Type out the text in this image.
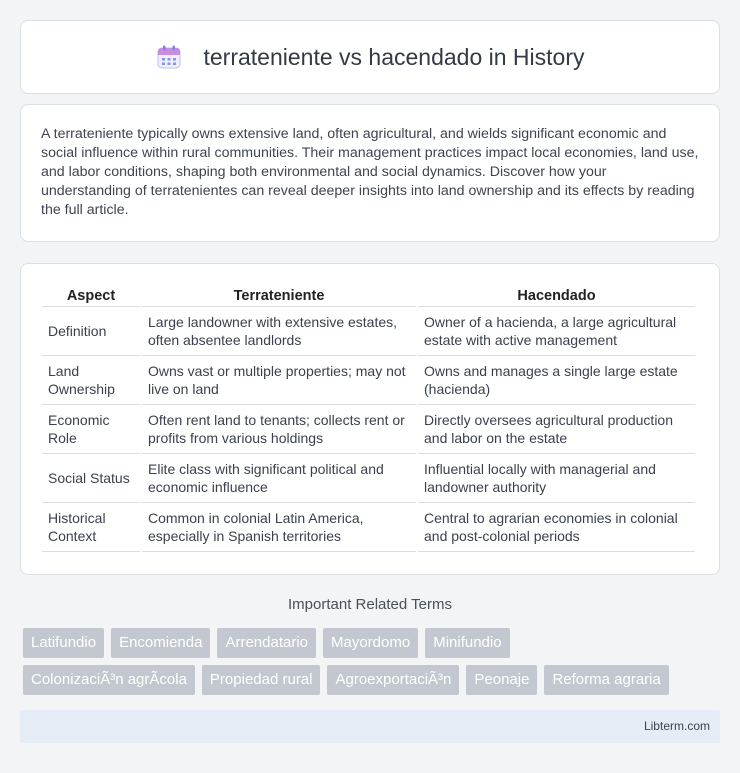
terrateniente vs hacendado in History

A terrateniente typically owns extensive land, often agricultural, and wields significant economic and social influence within rural communities. Their management practices impact local economies, land use, and labor conditions, shaping both environmental and social dynamics. Discover how your understanding of terratenientes can reveal deeper insights into land ownership and its effects by reading the full article.

Aspect	Terrateniente	Hacendado
Definition	Large landowner with extensive estates, often absentee landlords	Owner of a hacienda, a large agricultural estate with active management
Land Ownership	Owns vast or multiple properties; may not live on land	Owns and manages a single large estate (hacienda)
Economic Role	Often rent land to tenants; collects rent or profits from various holdings	Directly oversees agricultural production and labor on the estate
Social Status	Elite class with significant political and economic influence	Influential locally with managerial and landowner authority
Historical Context	Common in colonial Latin America, especially in Spanish territories	Central to agrarian economies in colonial and post-colonial periods
Important Related Terms
Latifundio	Encomienda	Arrendatario	Mayordomo	Minifundio
ColonizaciÃ³n agrÃcola	Propiedad rural	AgroexportaciÃ³n	Peonaje	Reforma agraria
Libterm.com
